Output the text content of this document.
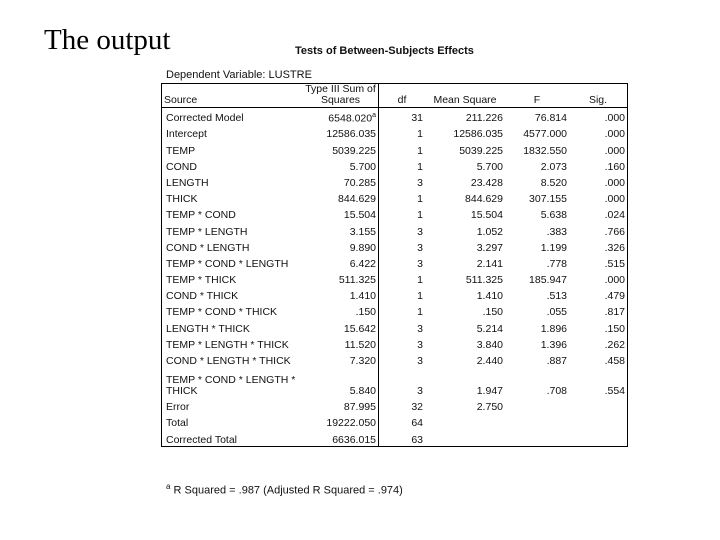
The output	Tests of Between-Subjects Effects
Dependent Variable: LUSTRE
Source	Type III Sum of Squares	df	Mean Square	F	Sig.
Corrected Model	6548.020$^a$	31	211.226	76.814	.000
Intercept	12586.035	1	12586.035	4577.000	.000
TEMP	5039.225	1	5039.225	1832.550	.000
COND	5.700	1	5.700	2.073	.160
LENGTH	70.285	3	23.428	8.520	.000
THICK	844.629	1	844.629	307.155	.000
TEMP * COND	15.504	1	15.504	5.638	.024
TEMP * LENGTH	3.155	3	1.052	.383	.766
COND * LENGTH	9.890	3	3.297	1.199	.326
TEMP * COND * LENGTH	6.422	3	2.141	.778	.515
TEMP * THICK	511.325	1	511.325	185.947	.000
COND * THICK	1.410	1	1.410	.513	.479
TEMP * COND * THICK	.150	1	.150	.055	.817
LENGTH * THICK	15.642	3	5.214	1.896	.150
TEMP * LENGTH * THICK	11.520	3	3.840	1.396	.262
COND * LENGTH * THICK	7.320	3	2.440	.887	.458
TEMP * COND * LENGTH * THICK	5.840	3	1.947	.708	.554
Error	87.995	32	2.750		
Total	19222.050	64			
Corrected Total	6636.015	63			
$^a$ R Squared = .987 (Adjusted R Squared = .974)
